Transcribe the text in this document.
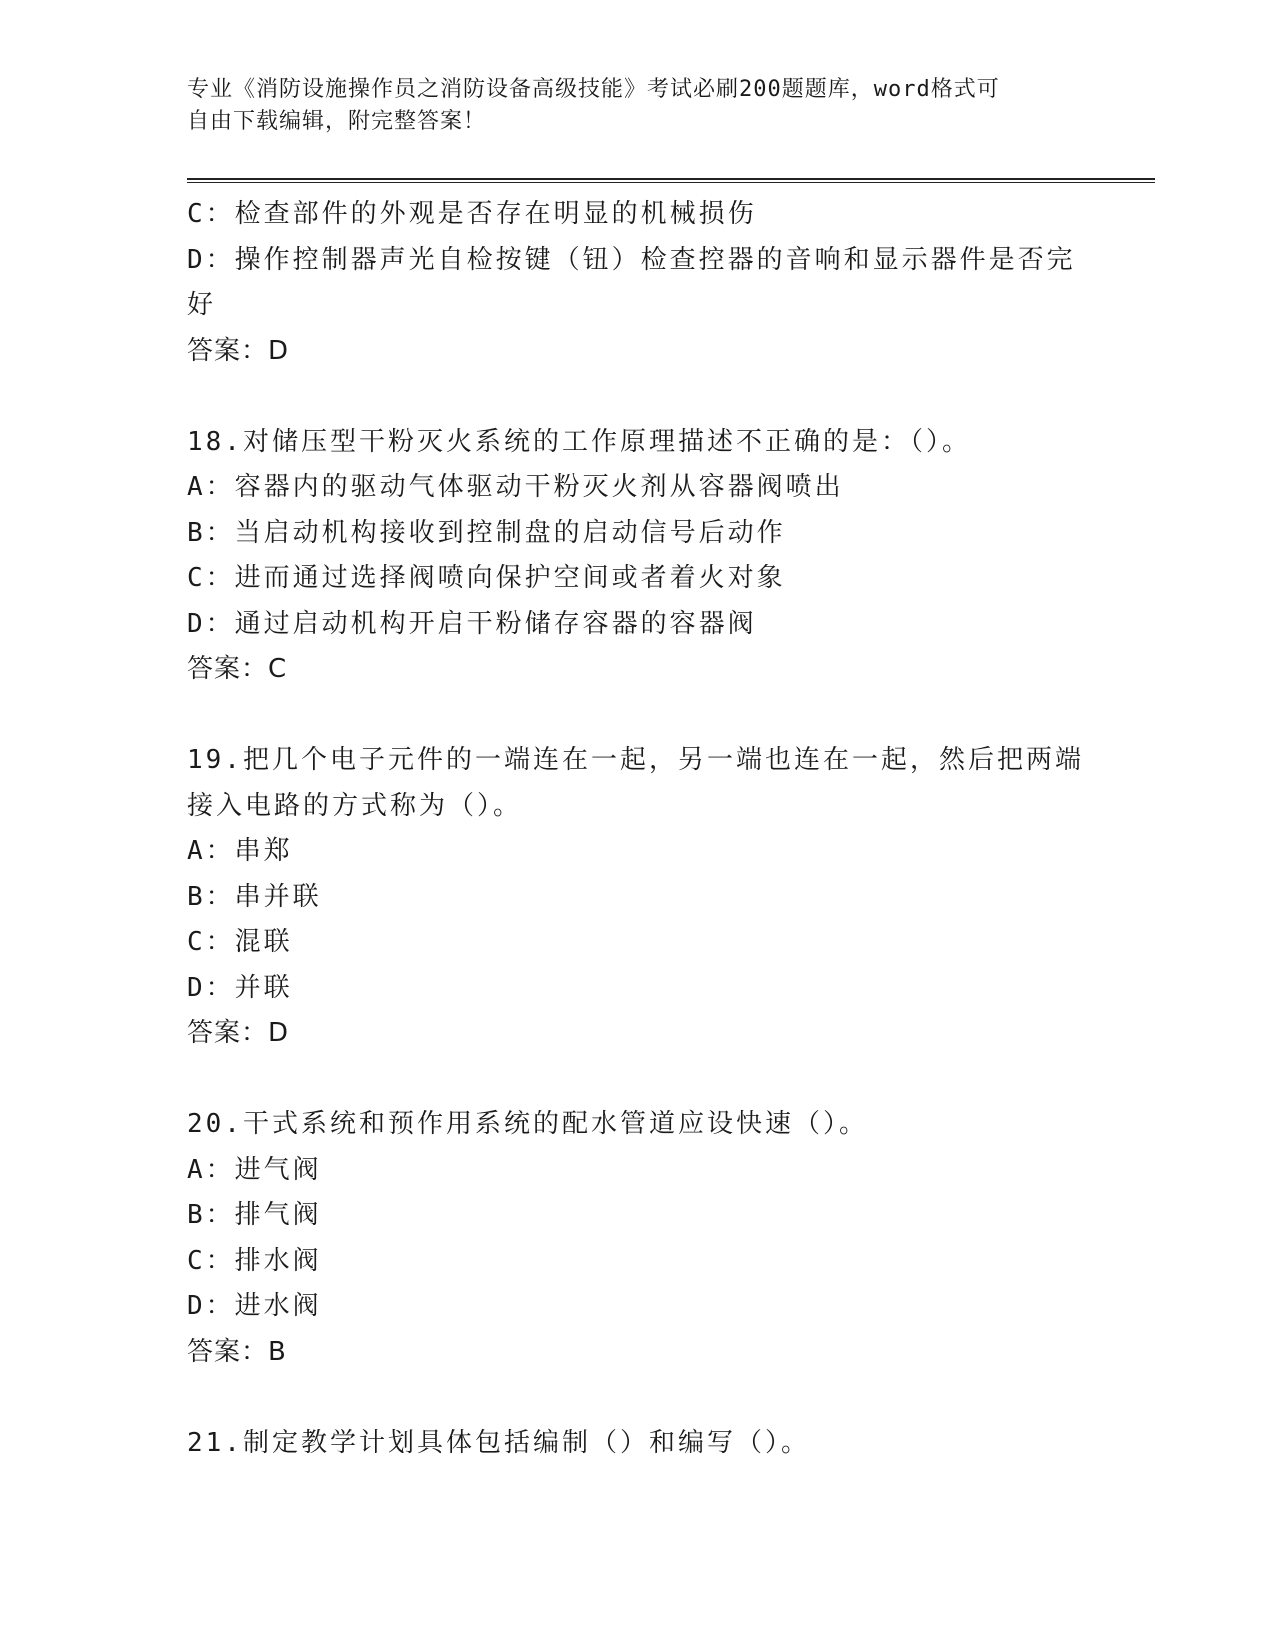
专业《消防设施操作员之消防设备高级技能》考试必刷200题题库，word格式可
自由下载编辑，附完整答案！
C：检查部件的外观是否存在明显的机械损伤
D：操作控制器声光自检按键（钮）检查控器的音响和显示器件是否完
好
答案：D
18.对储压型干粉灭火系统的工作原理描述不正确的是：（）。
A：容器内的驱动气体驱动干粉灭火剂从容器阀喷出
B：当启动机构接收到控制盘的启动信号后动作
C：进而通过选择阀喷向保护空间或者着火对象
D：通过启动机构开启干粉储存容器的容器阀
答案：C
19.把几个电子元件的一端连在一起，另一端也连在一起，然后把两端
接入电路的方式称为（）。
A：串郑
B：串并联
C：混联
D：并联
答案：D
20.干式系统和预作用系统的配水管道应设快速（）。
A：进气阀
B：排气阀
C：排水阀
D：进水阀
答案：B
21.制定教学计划具体包括编制（）和编写（）。
